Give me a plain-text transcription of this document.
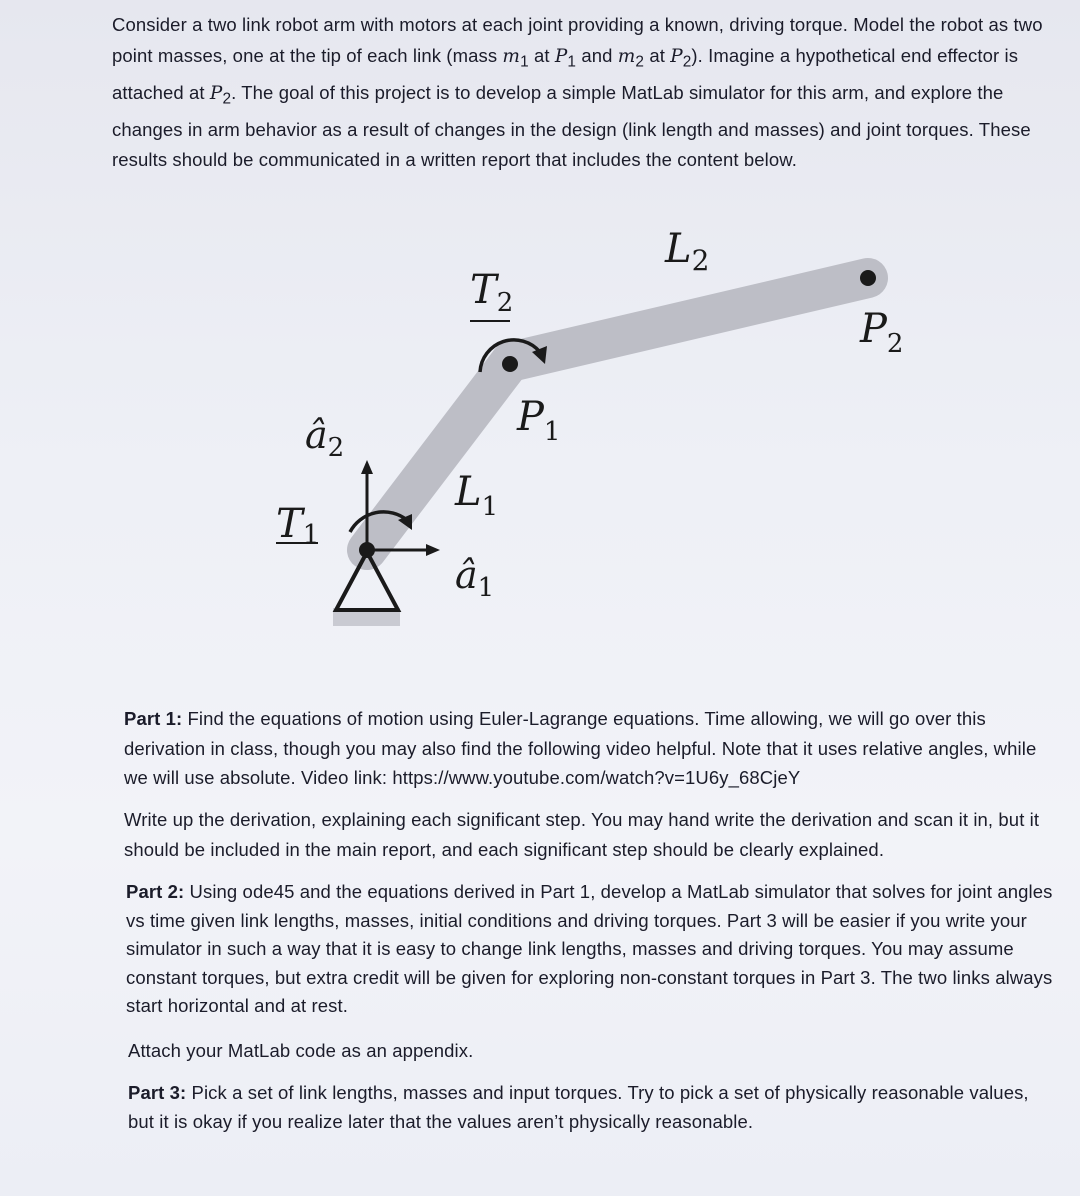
Consider a two link robot arm with motors at each joint providing a known, driving torque. Model the robot as two point masses, one at the tip of each link (mass $m_1$ at $P_1$ and $m_2$ at $P_2$). Imagine a hypothetical end effector is attached at $P_2$. The goal of this project is to develop a simple MatLab simulator for this arm, and explore the changes in arm behavior as a result of changes in the design (link length and masses) and joint torques. These results should be communicated in a written report that includes the content below.
$L_2$
$T_2$
$P_2$
$P_1$
$â_2$
$L_1$
T1
$â_1$
Part 1: Find the equations of motion using Euler-Lagrange equations. Time allowing, we will go over this derivation in class, though you may also find the following video helpful. Note that it uses relative angles, while we will use absolute. Video link: https://www.youtube.com/watch?v=1U6y_68CjeY
Write up the derivation, explaining each significant step. You may hand write the derivation and scan it in, but it should be included in the main report, and each significant step should be clearly explained.
Part 2: Using ode45 and the equations derived in Part 1, develop a MatLab simulator that solves for joint angles vs time given link lengths, masses, initial conditions and driving torques. Part 3 will be easier if you write your simulator in such a way that it is easy to change link lengths, masses and driving torques. You may assume constant torques, but extra credit will be given for exploring non-constant torques in Part 3. The two links always start horizontal and at rest.
Attach your MatLab code as an appendix.
Part 3: Pick a set of link lengths, masses and input torques. Try to pick a set of physically reasonable values, but it is okay if you realize later that the values aren’t physically reasonable.
